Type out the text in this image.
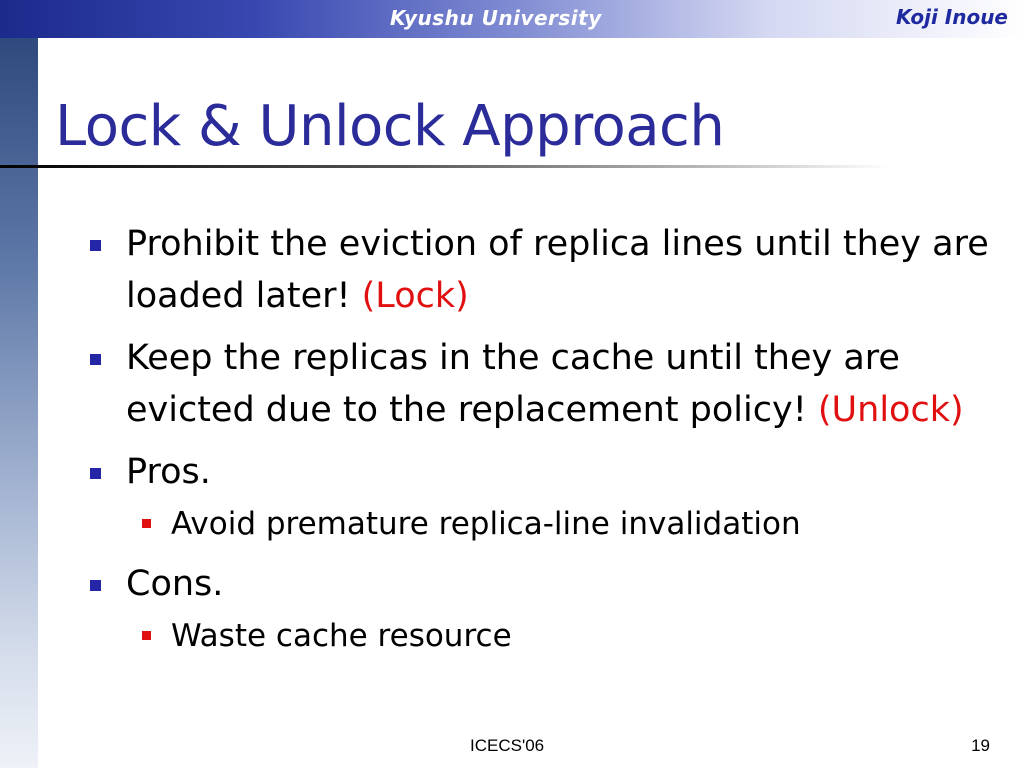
Kyushu University	Koji Inoue
Lock & Unlock Approach
Prohibit the eviction of replica lines until they are loaded later! (Lock)
Keep the replicas in the cache until they are evicted due to the replacement policy! (Unlock)
Pros.
Avoid premature replica-line invalidation
Cons.
Waste cache resource
ICECS'06	19
